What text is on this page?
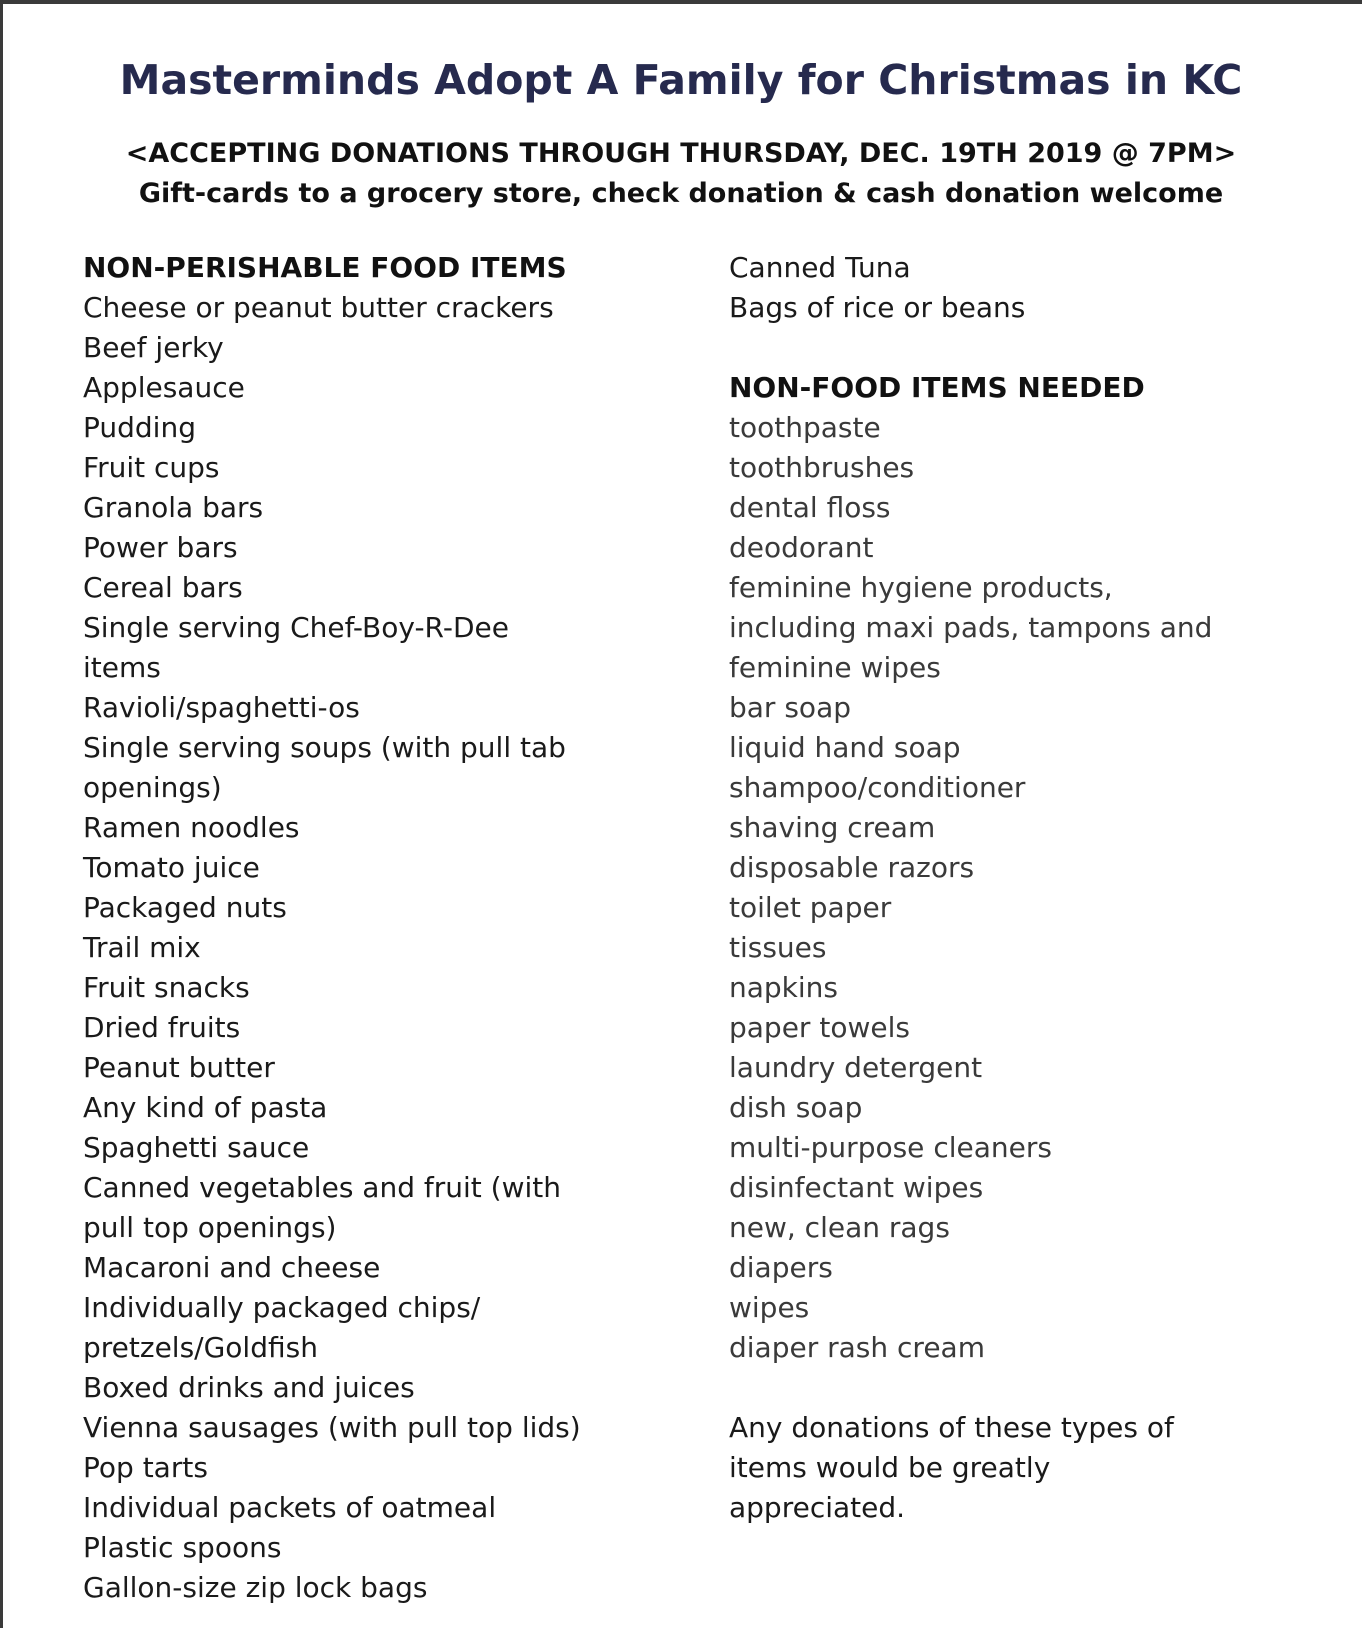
Masterminds Adopt A Family for Christmas in KC

<ACCEPTING DONATIONS THROUGH THURSDAY, DEC. 19TH 2019 @ 7PM>

Gift-cards to a grocery store, check donation & cash donation welcome

NON-PERISHABLE FOOD ITEMS
Cheese or peanut butter crackers
Beef jerky
Applesauce
Pudding
Fruit cups
Granola bars
Power bars
Cereal bars
Single serving Chef-Boy-R-Dee
items
Ravioli/spaghetti-os
Single serving soups (with pull tab
openings)
Ramen noodles
Tomato juice
Packaged nuts
Trail mix
Fruit snacks
Dried fruits
Peanut butter
Any kind of pasta
Spaghetti sauce
Canned vegetables and fruit (with
pull top openings)
Macaroni and cheese
Individually packaged chips/
pretzels/Goldfish
Boxed drinks and juices
Vienna sausages (with pull top lids)
Pop tarts
Individual packets of oatmeal
Plastic spoons
Gallon-size zip lock bags
Canned Tuna
Bags of rice or beans
NON-FOOD ITEMS NEEDED
toothpaste
toothbrushes
dental floss
deodorant
feminine hygiene products,
including maxi pads, tampons and
feminine wipes
bar soap
liquid hand soap
shampoo/conditioner
shaving cream
disposable razors
toilet paper
tissues
napkins
paper towels
laundry detergent
dish soap
multi-purpose cleaners
disinfectant wipes
new, clean rags
diapers
wipes
diaper rash cream
Any donations of these types of
items would be greatly
appreciated.
